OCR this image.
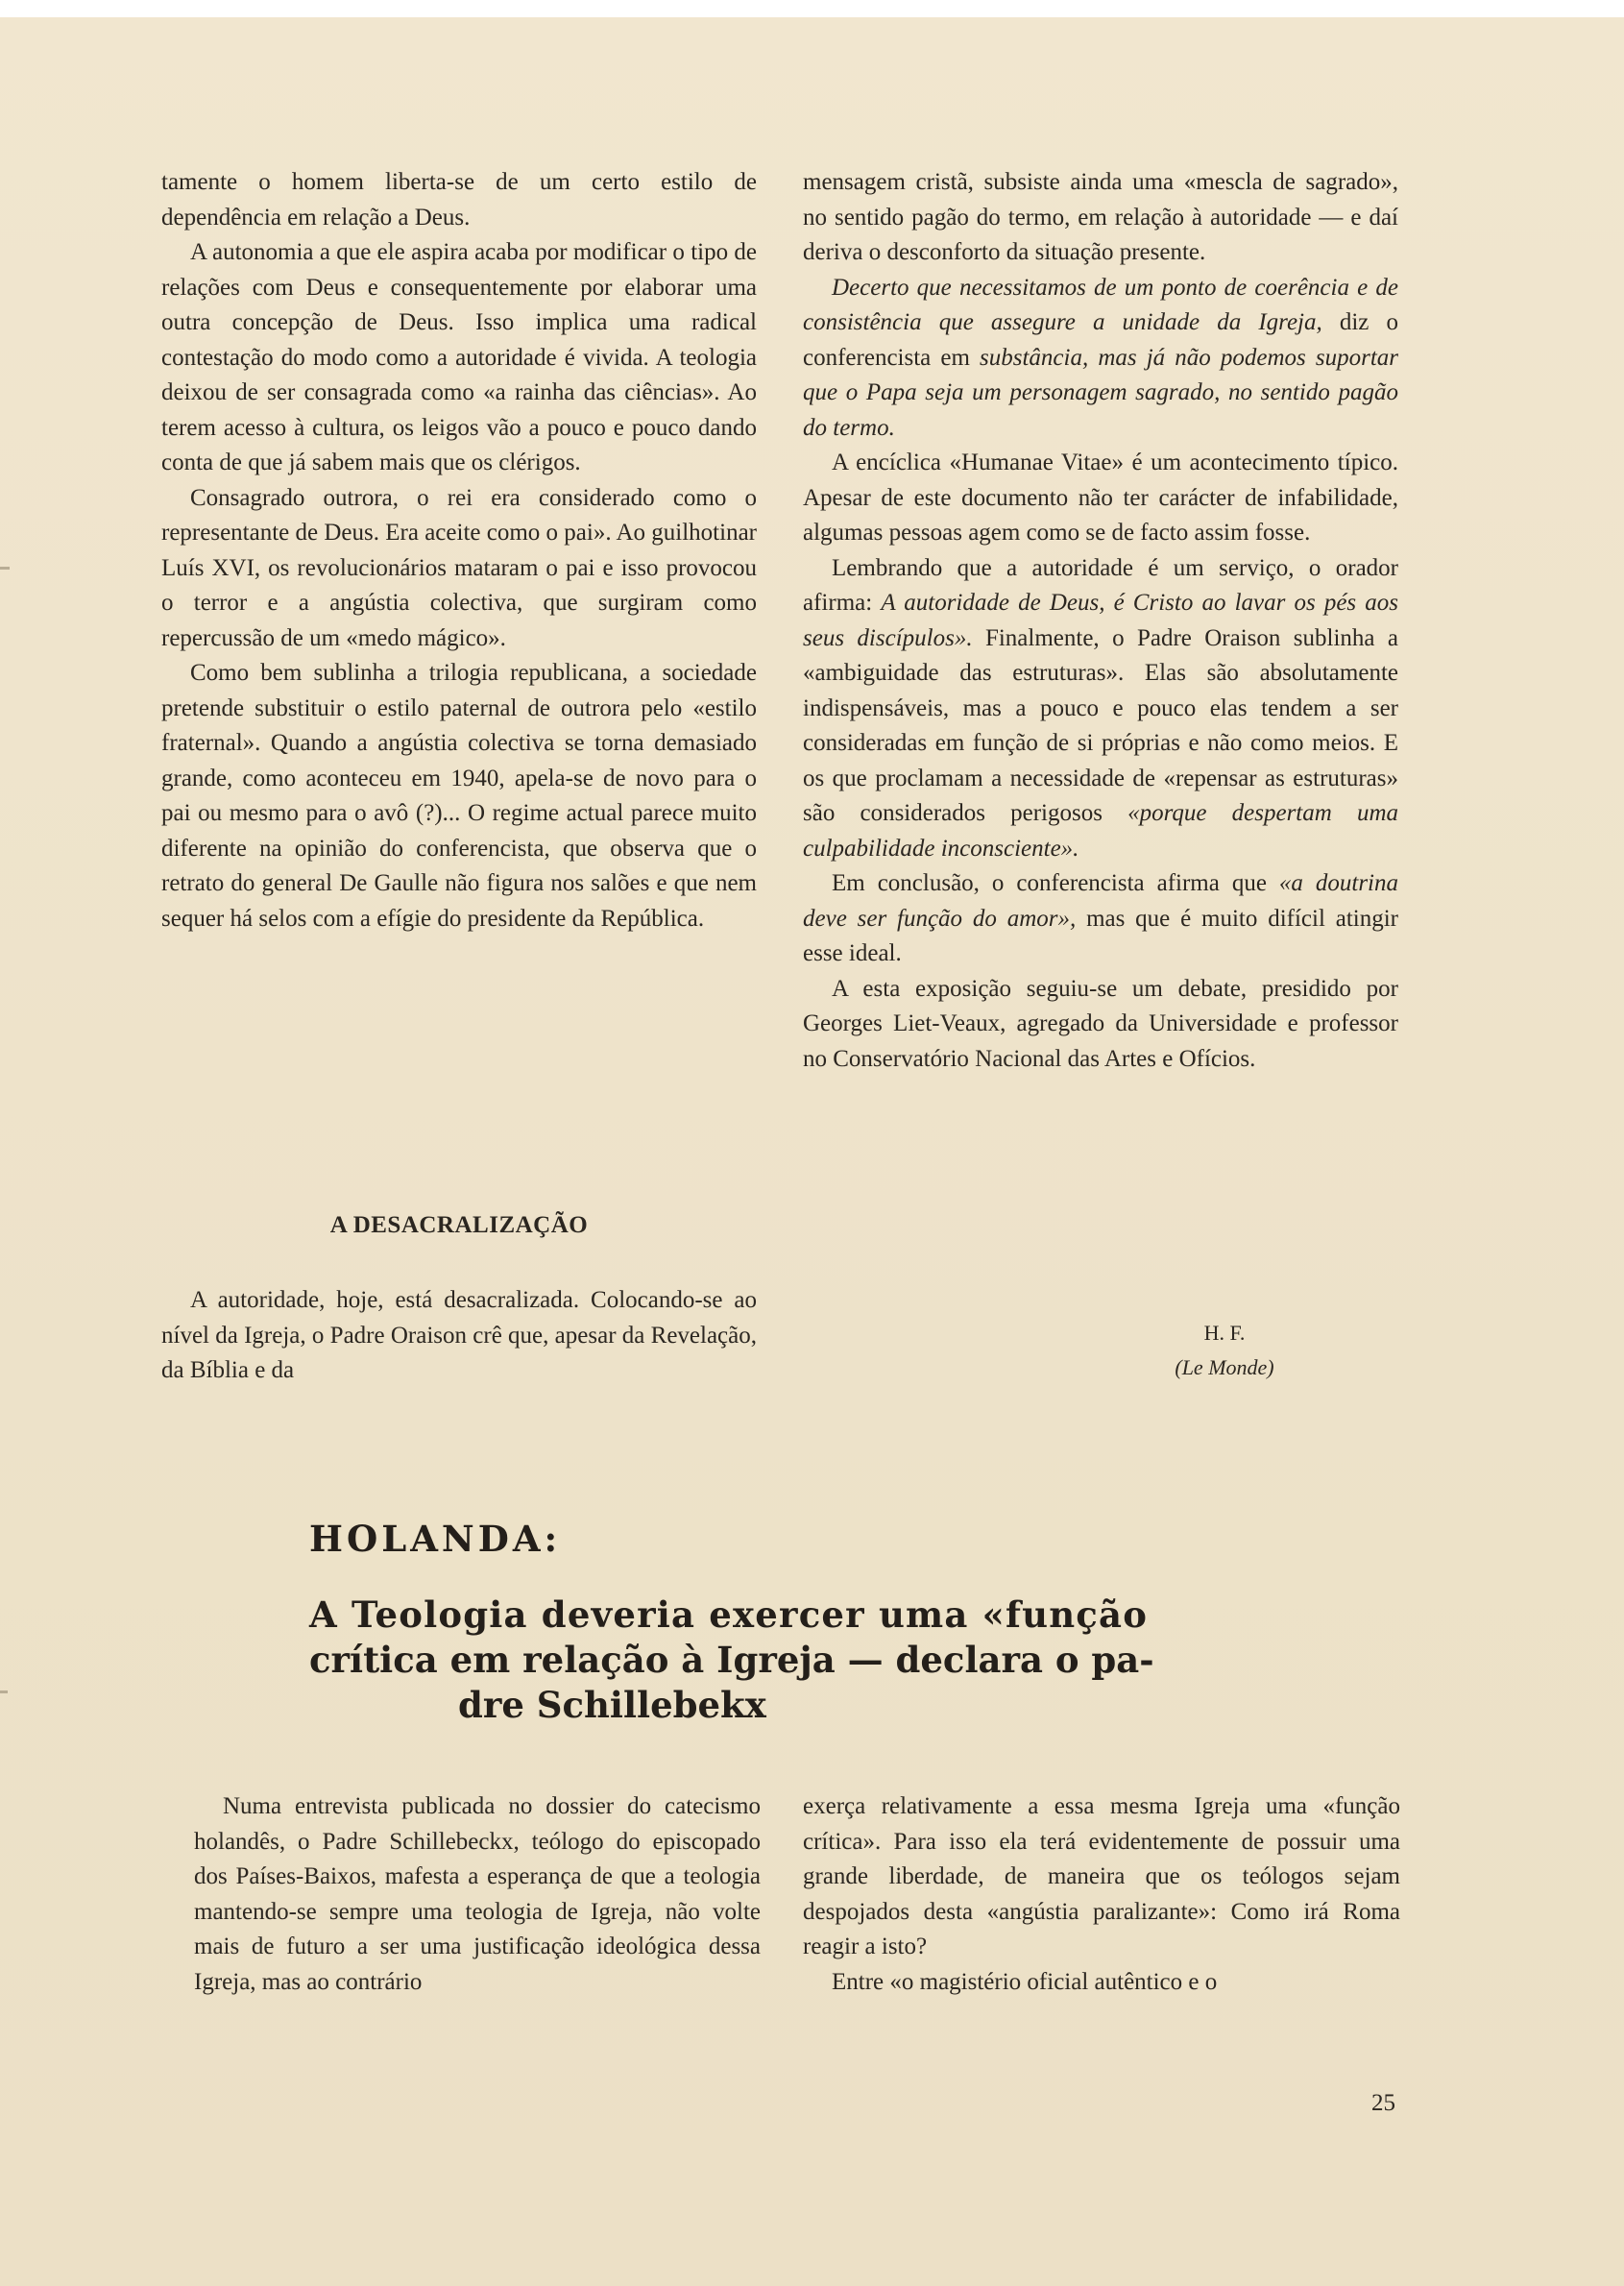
tamente o homem liberta-se de um certo estilo de dependência em relação a Deus.

A autonomia a que ele aspira acaba por modificar o tipo de relações com Deus e consequentemente por elaborar uma outra concepção de Deus. Isso implica uma radical contestação do modo como a autoridade é vivida. A teologia deixou de ser consagrada como «a rainha das ciências». Ao terem acesso à cultura, os leigos vão a pouco e pouco dando conta de que já sabem mais que os clérigos.

Consagrado outrora, o rei era considerado como o representante de Deus. Era aceite como o pai». Ao guilhotinar Luís XVI, os revolucionários mataram o pai e isso provocou o terror e a angústia colectiva, que surgiram como repercussão de um «medo mágico».

Como bem sublinha a trilogia republicana, a sociedade pretende substituir o estilo paternal de outrora pelo «estilo fraternal». Quando a angústia colectiva se torna demasiado grande, como aconteceu em 1940, apela-se de novo para o pai ou mesmo para o avô (?)... O regime actual parece muito diferente na opinião do conferencista, que observa que o retrato do general De Gaulle não figura nos salões e que nem sequer há selos com a efígie do presidente da República.

A DESACRALIZAÇÃO

A autoridade, hoje, está desacralizada. Colocando-se ao nível da Igreja, o Padre Oraison crê que, apesar da Revelação, da Bíblia e da

mensagem cristã, subsiste ainda uma «mescla de sagrado», no sentido pagão do termo, em relação à autoridade — e daí deriva o desconforto da situação presente.

Decerto que necessitamos de um ponto de coerência e de consistência que assegure a unidade da Igreja, diz o conferencista em substância, mas já não podemos suportar que o Papa seja um personagem sagrado, no sentido pagão do termo.

A encíclica «Humanae Vitae» é um acontecimento típico. Apesar de este documento não ter carácter de infabilidade, algumas pessoas agem como se de facto assim fosse.

Lembrando que a autoridade é um serviço, o orador afirma: A autoridade de Deus, é Cristo ao lavar os pés aos seus discípulos». Finalmente, o Padre Oraison sublinha a «ambiguidade das estruturas». Elas são absolutamente indispensáveis, mas a pouco e pouco elas tendem a ser consideradas em função de si próprias e não como meios. E os que proclamam a necessidade de «repensar as estruturas» são considerados perigosos «porque despertam uma culpabilidade inconsciente».

Em conclusão, o conferencista afirma que «a doutrina deve ser função do amor», mas que é muito difícil atingir esse ideal.

A esta exposição seguiu-se um debate, presidido por Georges Liet-Veaux, agregado da Universidade e professor no Conservatório Nacional das Artes e Ofícios.

H. F.
(Le Monde)
HOLANDA:
A Teologia deveria exercer uma «função
crítica em relação à Igreja — declara o pa-
dre Schillebekx

Numa entrevista publicada no dossier do catecismo holandês, o Padre Schillebeckx, teólogo do episcopado dos Países-Baixos, mafesta a esperança de que a teologia mantendo-se sempre uma teologia de Igreja, não volte mais de futuro a ser uma justificação ideológica dessa Igreja, mas ao contrário

exerça relativamente a essa mesma Igreja uma «função crítica». Para isso ela terá evidentemente de possuir uma grande liberdade, de maneira que os teólogos sejam despojados desta «angústia paralizante»: Como irá Roma reagir a isto?

Entre «o magistério oficial autêntico e o

25
